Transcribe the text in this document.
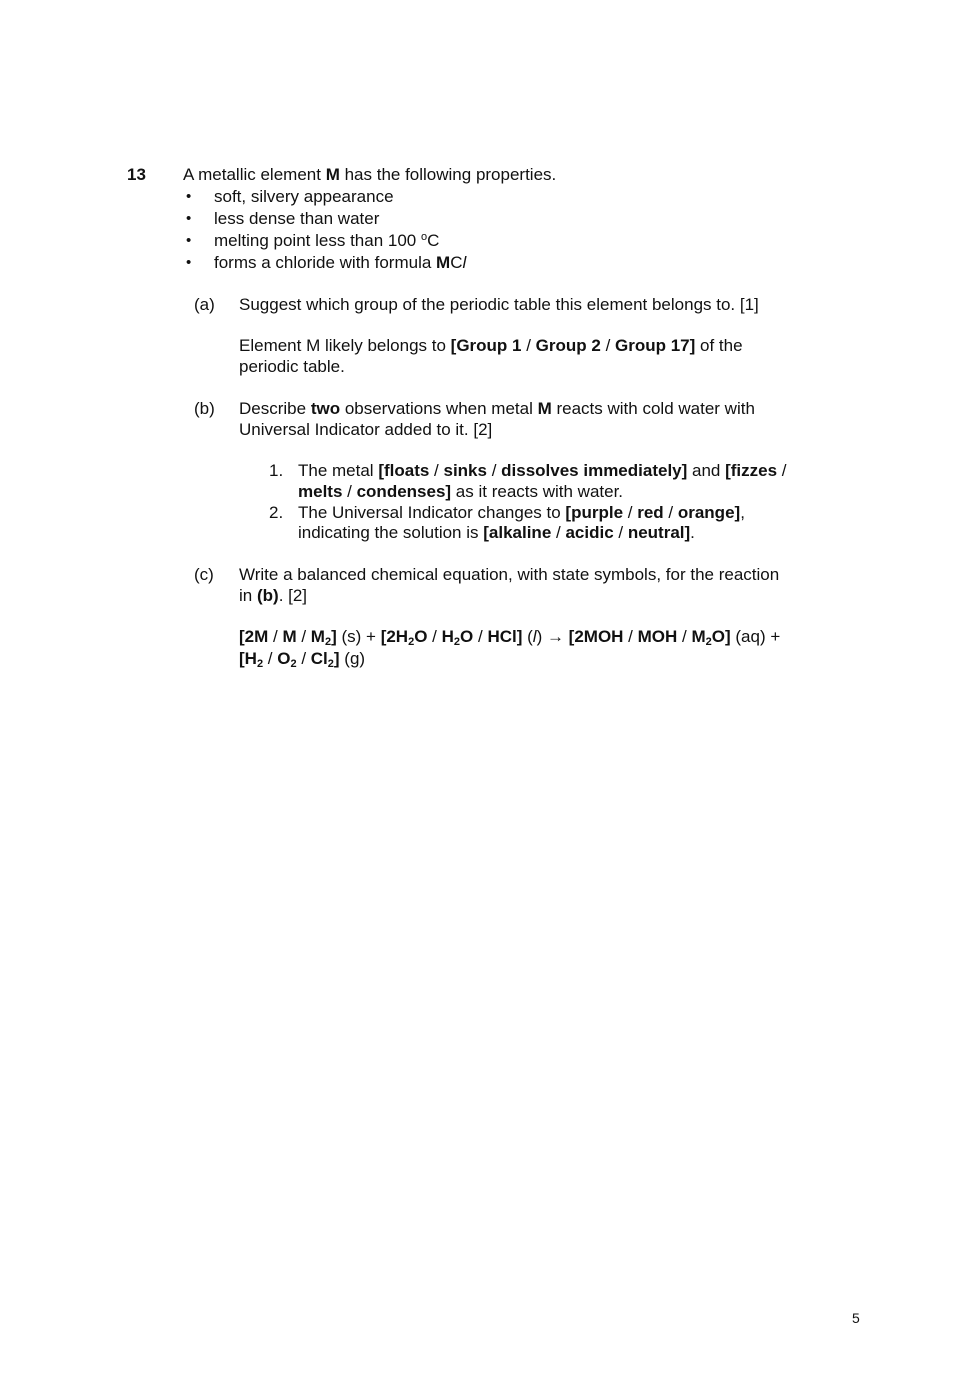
13 A metallic element M has the following properties.
• soft, silvery appearance
• less dense than water
• melting point less than 100 $^o$C
• forms a chloride with formula MCl
(a) Suggest which group of the periodic table this element belongs to. [1]
Element M likely belongs to [Group 1 / Group 2 / Group 17] of the
periodic table.
(b) Describe two observations when metal M reacts with cold water with
Universal Indicator added to it. [2]
1. The metal [floats / sinks / dissolves immediately] and [fizzes /
melts / condenses] as it reacts with water.
2. The Universal Indicator changes to [purple / red / orange],
indicating the solution is [alkaline / acidic / neutral].
(c) Write a balanced chemical equation, with state symbols, for the reaction
in (b). [2]
[2M / M / $M_2$] $(s) + [2H_2O / H_2O / HCl] (l) \to [2MOH$ / MOH / $M_2O$] (aq) +
$[H_2 / O_2 / Cl_2]$ (g)
5
